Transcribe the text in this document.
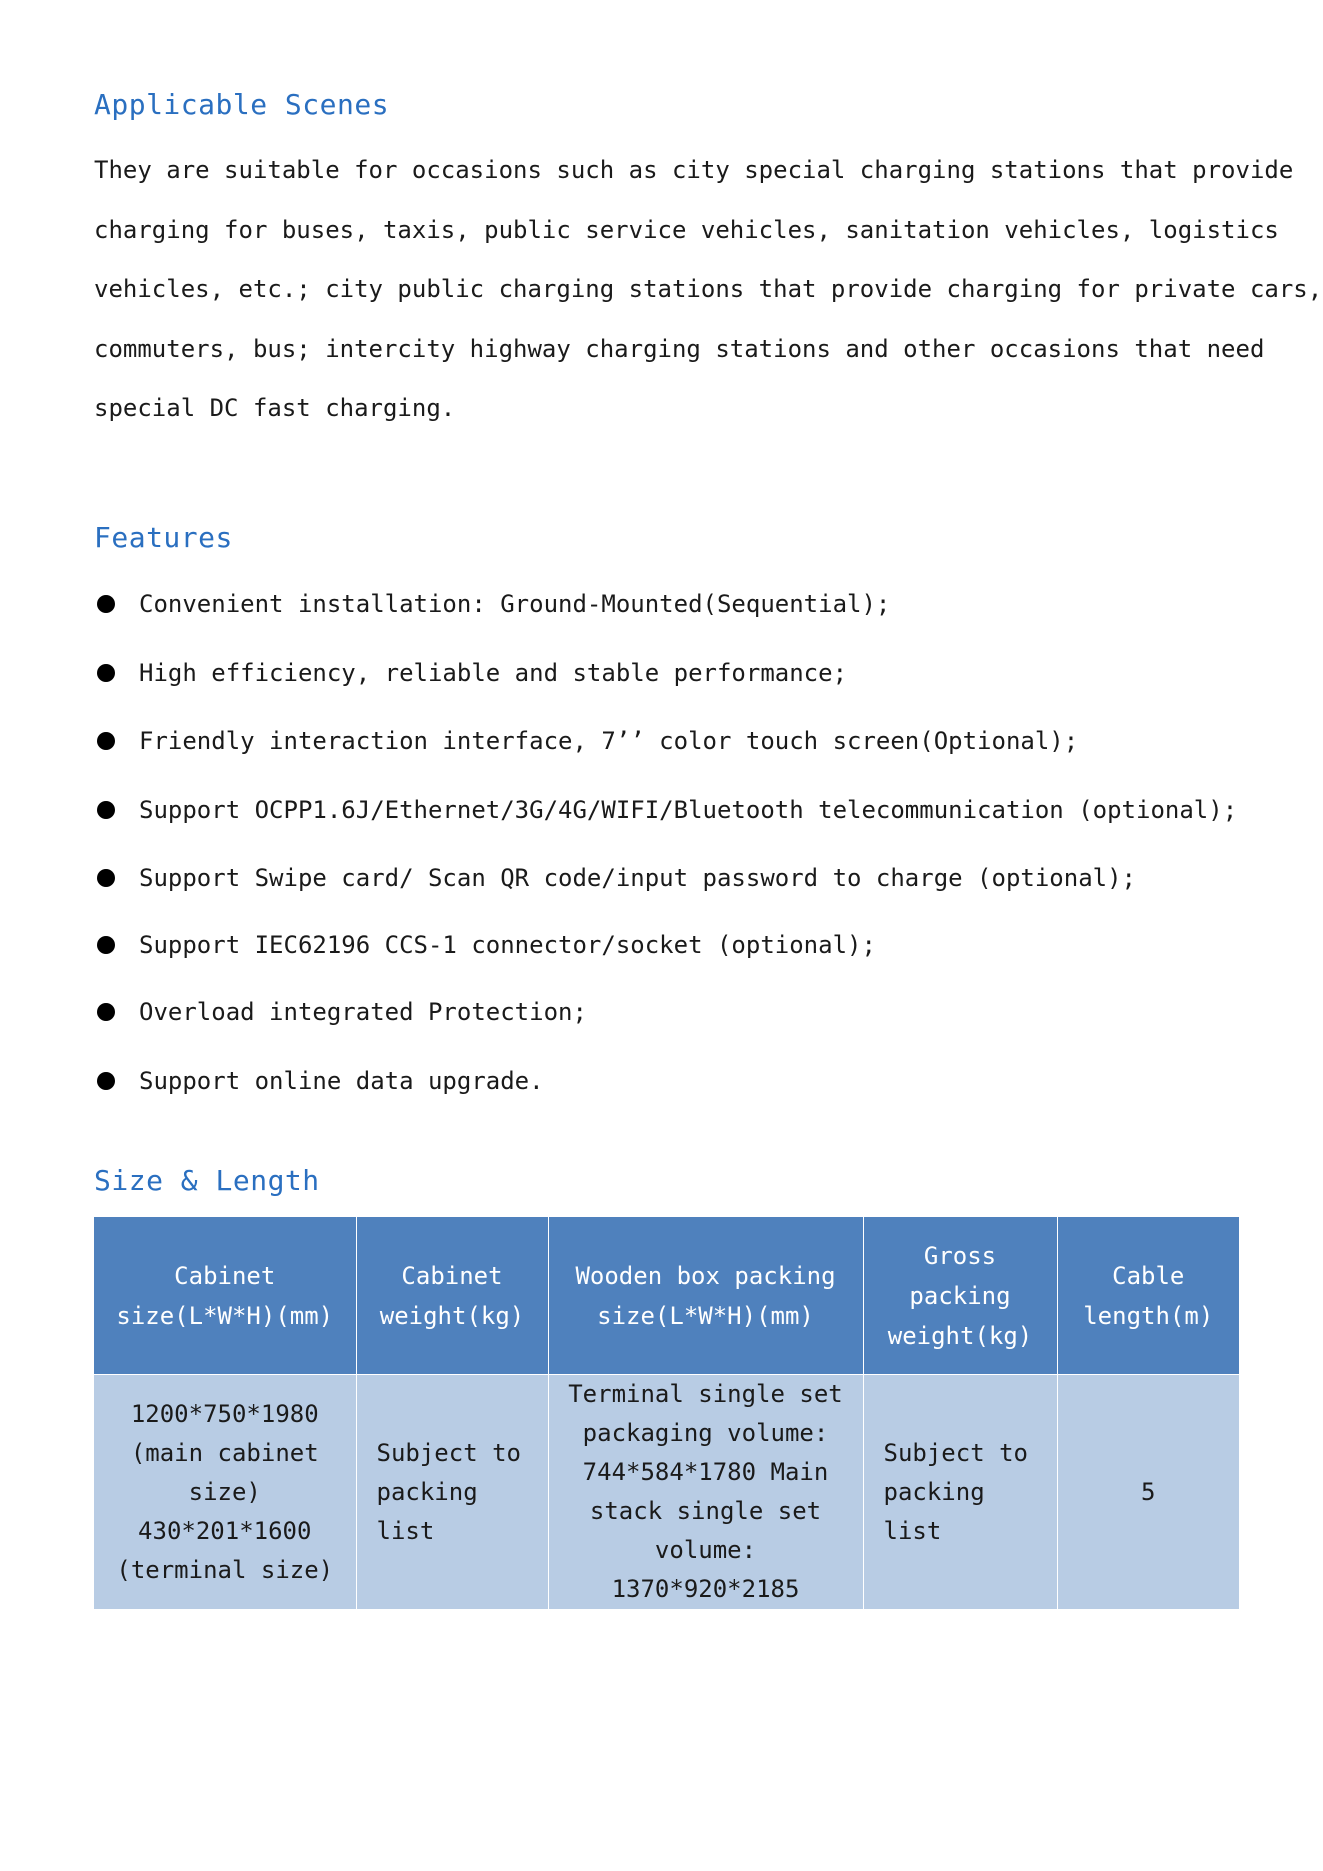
Applicable Scenes
They are suitable for occasions such as city special charging stations that provide
charging for buses, taxis, public service vehicles, sanitation vehicles, logistics
vehicles, etc.; city public charging stations that provide charging for private cars,
commuters, bus; intercity highway charging stations and other occasions that need
special DC fast charging.
Features
Convenient installation: Ground-Mounted(Sequential);
High efficiency, reliable and stable performance;
Friendly interaction interface, 7’’ color touch screen(Optional);
Support OCPP1.6J/Ethernet/3G/4G/WIFI/Bluetooth telecommunication (optional);
Support Swipe card/ Scan QR code/input password to charge (optional);
Support IEC62196 CCS-1 connector/socket (optional);
Overload integrated Protection;
Support online data upgrade.
Size & Length
Cabinet size(L*W*H)(mm)	Cabinet weight(kg)	Wooden box packing size(L*W*H)(mm)	Gross packing weight(kg)	Cable length(m)
1200*750*1980 (main cabinet size) 430*201*1600 (terminal size)	Subject to packing list	Terminal single set packaging volume: 744*584*1780 Main stack single set volume: 1370*920*2185	Subject to packing list	5
